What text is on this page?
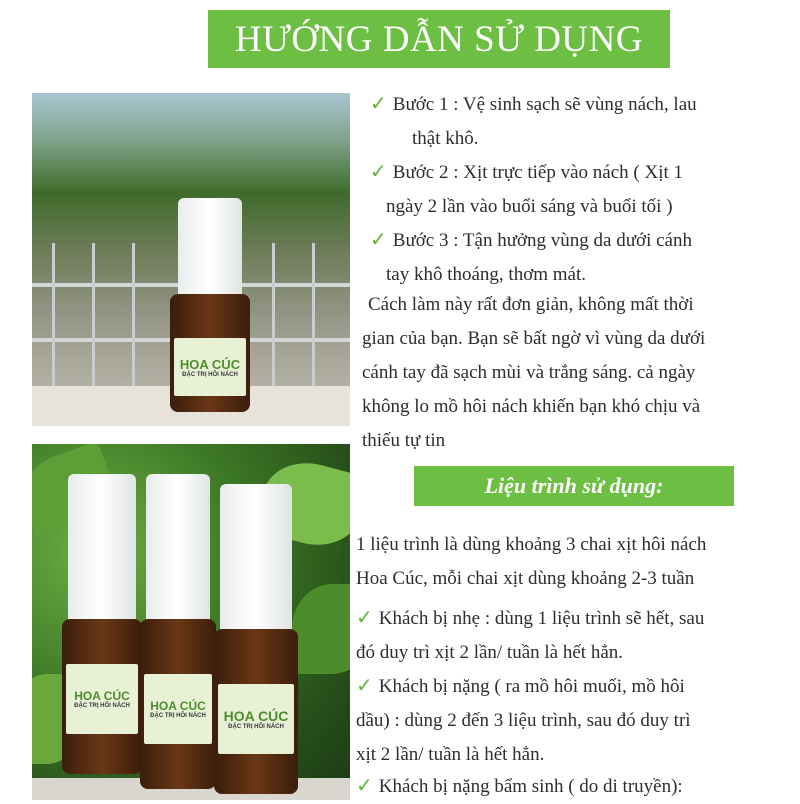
HƯỚNG DẪN SỬ DỤNG
HOA CÚC
ĐẶC TRỊ HÔI NÁCH
HOA CÚC
ĐẶC TRỊ HÔI NÁCH HOA CÚC
ĐẶC TRỊ HÔI NÁCH HOA CÚC
ĐẶC TRỊ HÔI NÁCH
✓ Bước 1 : Vệ sinh sạch sẽ vùng nách, lau
thật khô.
✓ Bước 2 : Xịt trực tiếp vào nách ( Xịt 1
ngày 2 lần vào buổi sáng và buổi tối )
✓ Bước 3 : Tận hưởng vùng da dưới cánh
tay khô thoáng, thơm mát.
Cách làm này rất đơn giản, không mất thời
gian của bạn. Bạn sẽ bất ngờ vì vùng da dưới
cánh tay đã sạch mùi và trắng sáng. cả ngày
không lo mồ hôi nách khiến bạn khó chịu và
thiếu tự tin
Liệu trình sử dụng:
1 liệu trình là dùng khoảng 3 chai xịt hôi nách
Hoa Cúc, mỗi chai xịt dùng khoảng 2-3 tuần
✓ Khách bị nhẹ : dùng 1 liệu trình sẽ hết, sau
đó duy trì xịt 2 lần/ tuần là hết hẳn.
✓ Khách bị nặng ( ra mồ hôi muối, mồ hôi
dầu) : dùng 2 đến 3 liệu trình, sau đó duy trì
xịt 2 lần/ tuần là hết hẳn.
✓ Khách bị nặng bẩm sinh ( do di truyền):
